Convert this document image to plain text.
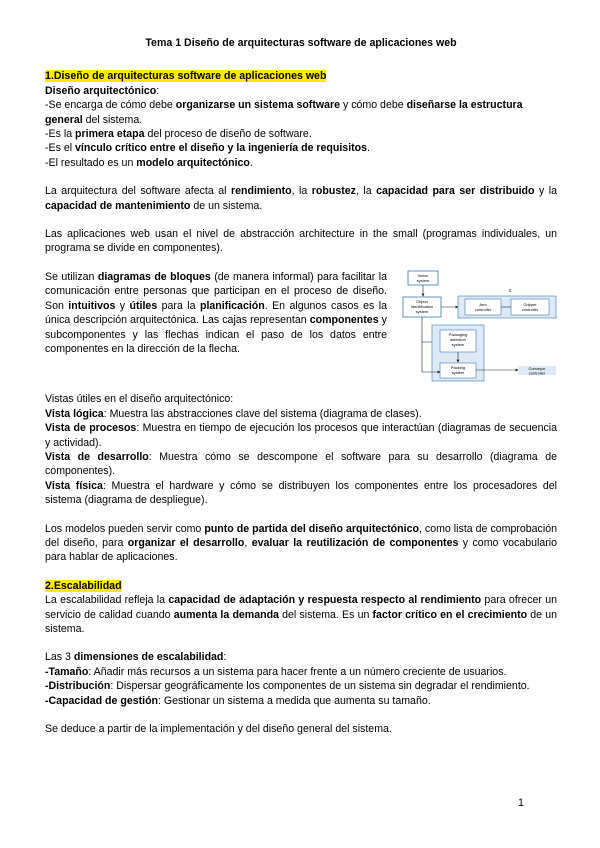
Tema 1 Diseño de arquitecturas software de aplicaciones web

1.Diseño de arquitecturas software de aplicaciones web

Diseño arquitectónico:

-Se encarga de cómo debe organizarse un sistema software y cómo debe diseñarse la estructura general del sistema.

-Es la primera etapa del proceso de diseño de software.

-Es el vínculo crítico entre el diseño y la ingeniería de requisitos.

-El resultado es un modelo arquitectónico.

La arquitectura del software afecta al rendimiento, la robustez, la capacidad para ser distribuido y la capacidad de mantenimiento de un sistema.

Las aplicaciones web usan el nivel de abstracción architecture in the small (programas individuales, un programa se divide en componentes).

Se utilizan diagramas de bloques (de manera informal) para facilitar la comunicación entre personas que participan en el proceso de diseño. Son intuitivos y útiles para la planificación. En algunos casos es la única descripción arquitectónica. Las cajas representan componentes y subcomponentes y las flechas indican el paso de los datos entre componentes en la dirección de la flecha.

Vision
system
Object
identification
system
c
Arm
controller
Gripper
controller
Packaging
selection
system
Packing
system
Conveyor
controller

Vistas útiles en el diseño arquitectónico:

Vista lógica: Muestra las abstracciones clave del sistema (diagrama de clases).

Vista de procesos: Muestra en tiempo de ejecución los procesos que interactúan (diagramas de secuencia y actividad).

Vista de desarrollo: Muestra cómo se descompone el software para su desarrollo (diagrama de componentes).

Vista física: Muestra el hardware y cómo se distribuyen los componentes entre los procesadores del sistema (diagrama de despliegue).

Los modelos pueden servir como punto de partida del diseño arquitectónico, como lista de comprobación del diseño, para organizar el desarrollo, evaluar la reutilización de componentes y como vocabulario para hablar de aplicaciones.

2.Escalabilidad

La escalabilidad refleja la capacidad de adaptación y respuesta respecto al rendimiento para ofrecer un servicio de calidad cuando aumenta la demanda del sistema. Es un factor crítico en el crecimiento de un sistema.

Las 3 dimensiones de escalabilidad:

-Tamaño: Añadir más recursos a un sistema para hacer frente a un número creciente de usuarios.

-Distribución: Dispersar geográficamente los componentes de un sistema sin degradar el rendimiento.

-Capacidad de gestión: Gestionar un sistema a medida que aumenta su tamaño.

Se deduce a partir de la implementación y del diseño general del sistema.

1
